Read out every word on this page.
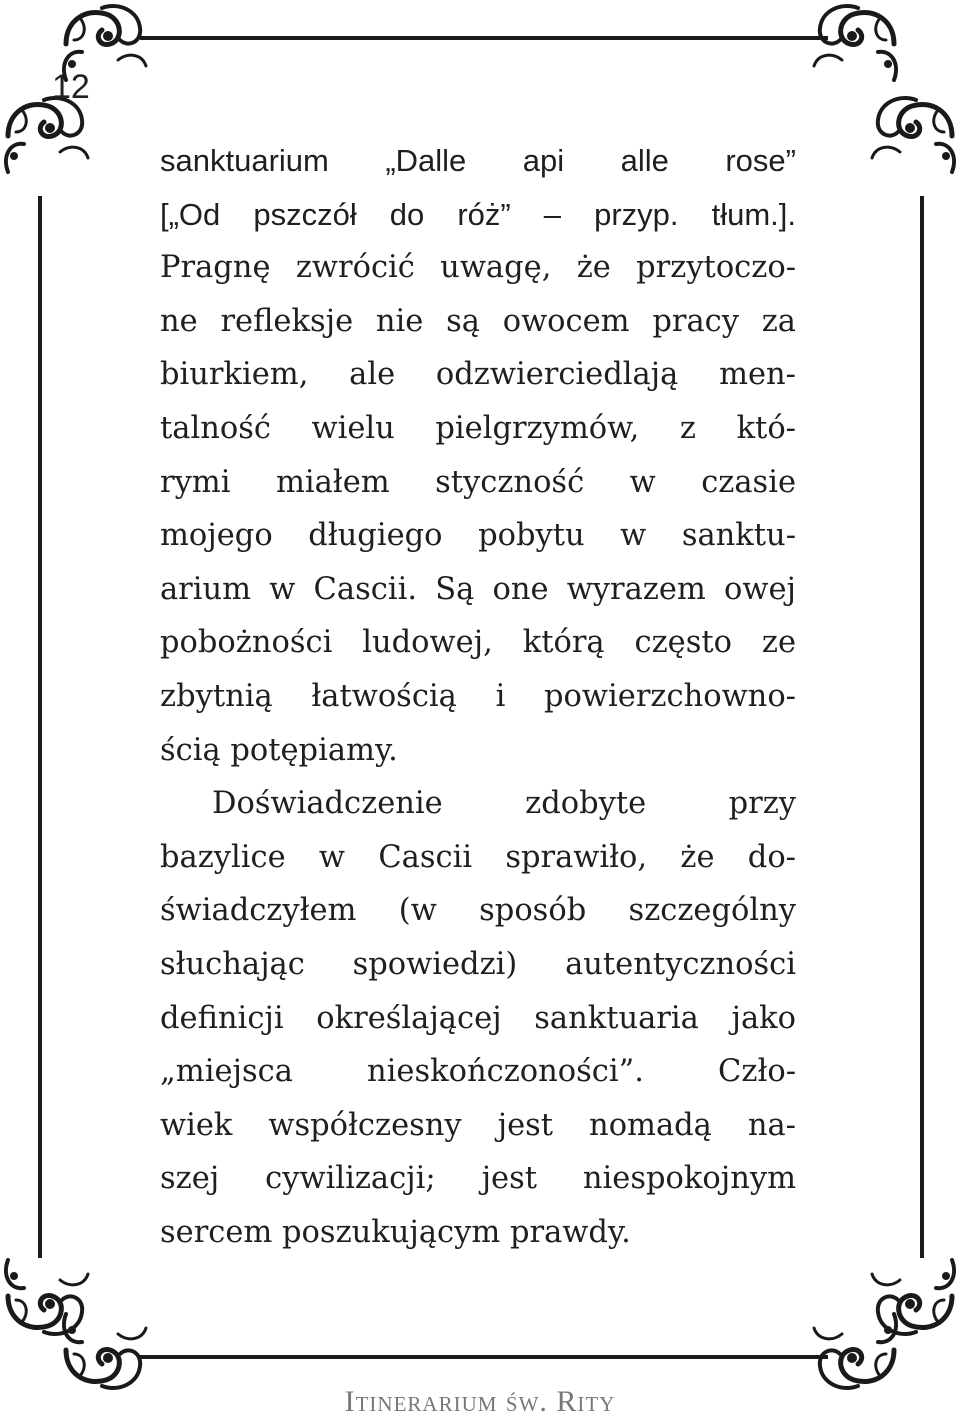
12
sanktuarium „Dalle api alle rose”
[„Od pszczół do róż” – przyp. tłum.].
Pragnę zwrócić uwagę, że przytoczo-
ne refleksje nie są owocem pracy za
biurkiem, ale odzwierciedlają men-
talność wielu pielgrzymów, z któ-
rymi miałem styczność w czasie
mojego długiego pobytu w sanktu-
arium w Cascii. Są one wyrazem owej
pobożności ludowej, którą często ze
zbytnią łatwością i powierzchowno-
ścią potępiamy.
Doświadczenie zdobyte przy
bazylice w Cascii sprawiło, że do-
świadczyłem (w sposób szczególny
słuchając spowiedzi) autentyczności
definicji określającej sanktuaria jako
„miejsca nieskończoności”. Czło-
wiek współczesny jest nomadą na-
szej cywilizacji; jest niespokojnym
sercem poszukującym prawdy.
Itinerarium św. Rity
